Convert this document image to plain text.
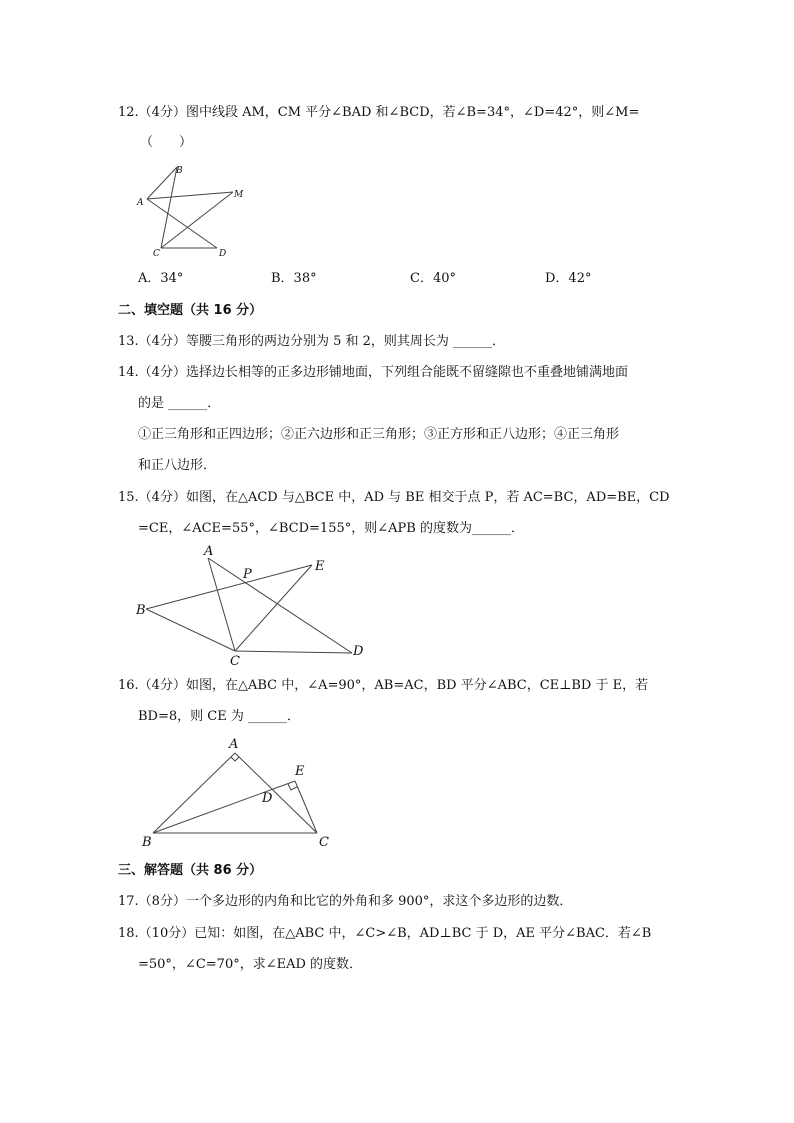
12.（4分）图中线段 AM，CM 平分∠BAD 和∠BCD，若∠B=34°，∠D=42°，则∠M=
（　　）
A
B
M
C	D
A．34°	B．38°	C．40°	D．42°
二、填空题（共 16 分）
13.（4分）等腰三角形的两边分别为 5 和 2，则其周长为 ______．
14.（4分）选择边长相等的正多边形铺地面，下列组合能既不留缝隙也不重叠地铺满地面
的是 ______．
①正三角形和正四边形；②正六边形和正三角形；③正方形和正八边形；④正三角形
和正八边形．
15.（4分）如图，在△ACD 与△BCE 中，AD 与 BE 相交于点 P，若 AC=BC，AD=BE，CD
=CE，∠ACE=55°，∠BCD=155°，则∠APB 的度数为______．
A
P
E
B
C
D
16.（4分）如图，在△ABC 中，∠A=90°，AB=AC，BD 平分∠ABC，CE⊥BD 于 E，若
BD=8，则 CE 为 ______．
A
E
D
B	C
三、解答题（共 86 分）
17.（8分）一个多边形的内角和比它的外角和多 900°，求这个多边形的边数．
18.（10分）已知：如图，在△ABC 中，∠C>∠B，AD⊥BC 于 D，AE 平分∠BAC．若∠B
=50°，∠C=70°，求∠EAD 的度数．
